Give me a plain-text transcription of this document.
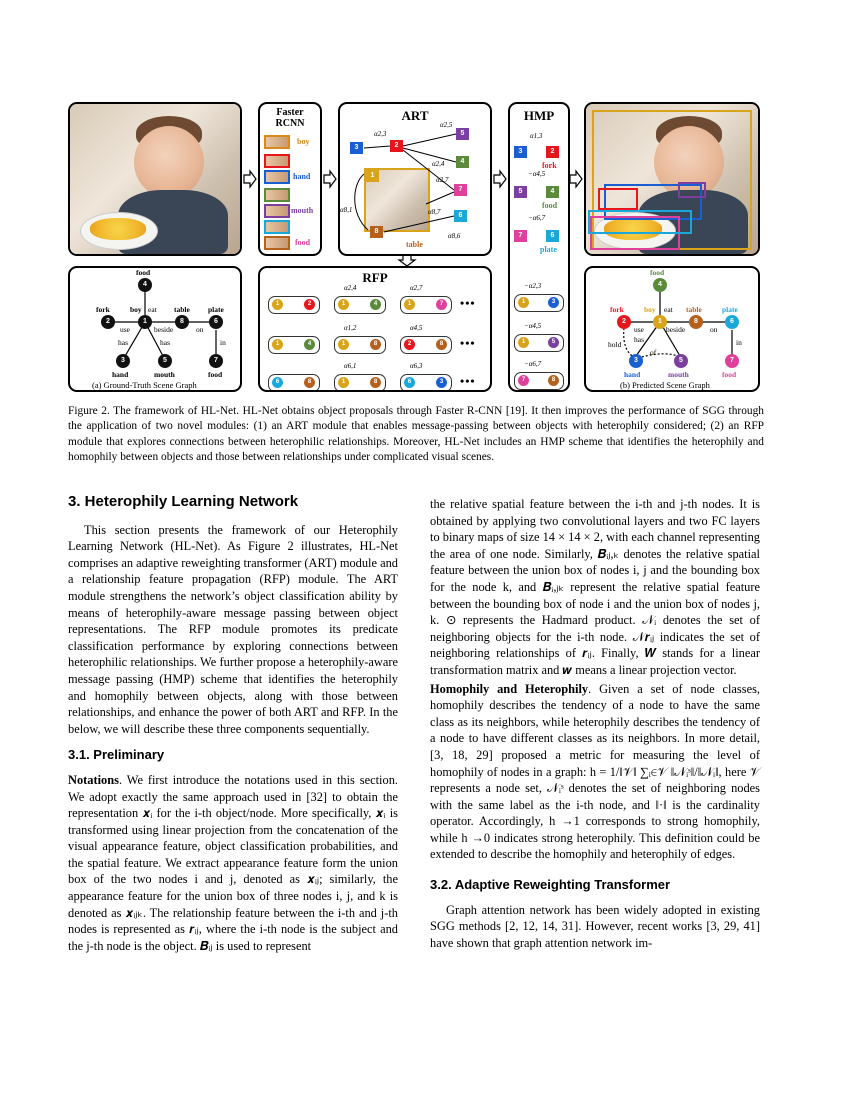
Faster
RCNN
boy
hand
mouth
food
ART
3	2
5
4
1
7
6
8
α2,3
α2,5
α2,4
α2,7
α8,7
α8,1
α8,6
table
HMP
3	2
α1,3
fork
5	4
−α4,5
food
7	6
−α6,7
plate
4
2	1	8	6
3	5	7
food
fork	boy	table plate
hand	mouth	food
eat
use	beside	on
has	has	in
(a) Ground-Truth Scene Graph
RFP
1	2	1	4	1	7
1	4	1	8	2	8
6	8	1	8	6	3
•••
•••
•••
α2,4	α2,7
α1,2	α4,5
α6,1	α6,3
−α2,3
1	3
−α4,5
1	5
−α6,7
7	8
4
2	1	8	6
3	5	7
food
fork	boy	table	plate
hand	mouth	food
eat
use	beside	on
has
hold
of
in
(b) Predicted Scene Graph
Figure 2. The framework of HL-Net. HL-Net obtains object proposals through Faster R-CNN [19]. It then improves the performance of SGG through the application of two novel modules: (1) an ART module that enables message-passing between objects with heterophily considered; (2) an RFP module that explores connections between heterophilic relationships. Moreover, HL-Net includes an HMP scheme that identifies the heterophily and homophily between objects and those between relationships under complicated visual scenes.
3. Heterophily Learning Network

This section presents the framework of our Heterophily Learning Network (HL-Net). As Figure 2 illustrates, HL-Net comprises an adaptive reweighting transformer (ART) module and a relationship feature propagation (RFP) module. The ART module strengthens the network’s object classification ability by means of heterophily-aware message passing between object representations. The RFP module promotes its predicate classification performance by exploring connections between heterophilic relationships. We further propose a heterophily-aware message passing (HMP) scheme that identifies the heterophily and homophily between objects, along with those between relationships, and enhance the power of both ART and RFP. In the below, we will describe these three components sequentially.

3.1. Preliminary

Notations. We first introduce the notations used in this section. We adopt exactly the same approach used in [32] to obtain the representation 𝒙ᵢ for the i-th object/node. More specifically, 𝒙ᵢ is transformed using linear projection from the concatenation of the visual appearance feature, object classification probabilities, and the spatial feature. We extract appearance feature form the union box of the two nodes i and j, denoted as 𝒙ᵢⱼ; similarly, the appearance feature for the union box of three nodes i, j, and k is denoted as 𝒙ᵢⱼₖ. The relationship feature between the i-th and j-th nodes is represented as 𝒓ᵢⱼ, where the i-th node is the subject and the j-th node is the object. 𝑩ᵢⱼ is used to represent

the relative spatial feature between the i-th and j-th nodes. It is obtained by applying two convolutional layers and two FC layers to binary maps of size 14 × 14 × 2, with each channel representing the area of one node. Similarly, 𝑩ᵢⱼ,ₖ denotes the relative spatial feature between the union box of nodes i, j and the bounding box for the node k, and 𝑩ᵢ,ⱼₖ represent the relative spatial feature between the bounding box of node i and the union box of nodes j, k. ⊙ represents the Hadmard product. 𝒩ᵢ denotes the set of neighboring objects for the i-th node. 𝒩𝒓ᵢⱼ indicates the set of neighboring relationships of 𝒓ᵢⱼ. Finally, 𝑾 stands for a linear transformation matrix and 𝒘 means a linear projection vector.

Homophily and Heterophily. Given a set of node classes, homophily describes the tendency of a node to have the same class as its neighbors, while heterophily describes the tendency of a node to have different classes as its neighbors. In more detail, [3, 18, 29] proposed a metric for measuring the level of homophily of nodes in a graph: h = 1/‖𝒱‖ ∑ᵢ∈𝒱 ‖𝒩ᵢˢ‖/‖𝒩ᵢ‖, here 𝒱 represents a node set, 𝒩ᵢˢ denotes the set of neighboring nodes with the same label as the i-th node, and ‖·‖ is the cardinality operator. Accordingly, h →1 corresponds to strong homophily, while h →0 indicates strong heterophily. This definition could be extended to describe the homophily and heterophily of edges.

3.2. Adaptive Reweighting Transformer

Graph attention network has been widely adopted in existing SGG methods [2, 12, 14, 31]. However, recent works [3, 29, 41] have shown that graph attention network im-
